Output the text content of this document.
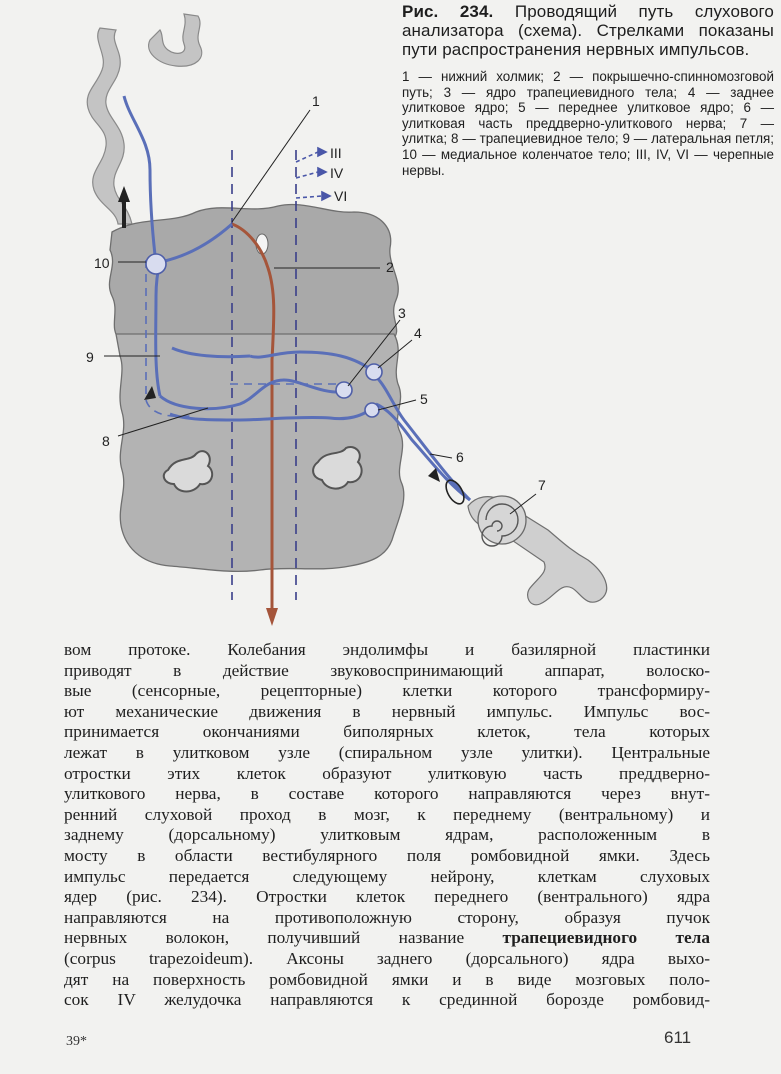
1
2
3
4
5
6
7
8
9
10
III
IV
VI

Рис. 234. Проводящий путь слухового анализатора (схема). Стрелками показаны пути распространения нервных импульсов.

1 — нижний холмик; 2 — покрышечно-спинномозговой путь; 3 — ядро трапециевидного тела; 4 — заднее улитковое ядро; 5 — переднее улитковое ядро; 6 — улитковая часть преддверно-улиткового нерва; 7 — улитка; 8 — трапециевидное тело; 9 — латеральная петля; 10 — медиальное коленчатое тело; III, IV, VI — черепные нервы.

вом протоке. Колебания эндолимфы и базилярной пластинки
приводят в действие звуковоспринимающий аппарат, волоско-
вые (сенсорные, рецепторные) клетки которого трансформиру-
ют механические движения в нервный импульс. Импульс вос-
принимается окончаниями биполярных клеток, тела которых
лежат в улитковом узле (спиральном узле улитки). Центральные
отростки этих клеток образуют улитковую часть преддверно-
улиткового нерва, в составе которого направляются через внут-
ренний слуховой проход в мозг, к переднему (вентральному) и
заднему (дорсальному) улитковым ядрам, расположенным в
мосту в области вестибулярного поля ромбовидной ямки. Здесь
импульс передается следующему нейрону, клеткам слуховых
ядер (рис. 234). Отростки клеток переднего (вентрального) ядра
направляются на противоположную сторону, образуя пучок
нервных волокон, получивший название трапециевидного тела
(corpus trapezoideum). Аксоны заднего (дорсального) ядра выхо-
дят на поверхность ромбовидной ямки и в виде мозговых поло-
сок IV желудочка направляются к срединной борозде ромбовид-
39*	611
